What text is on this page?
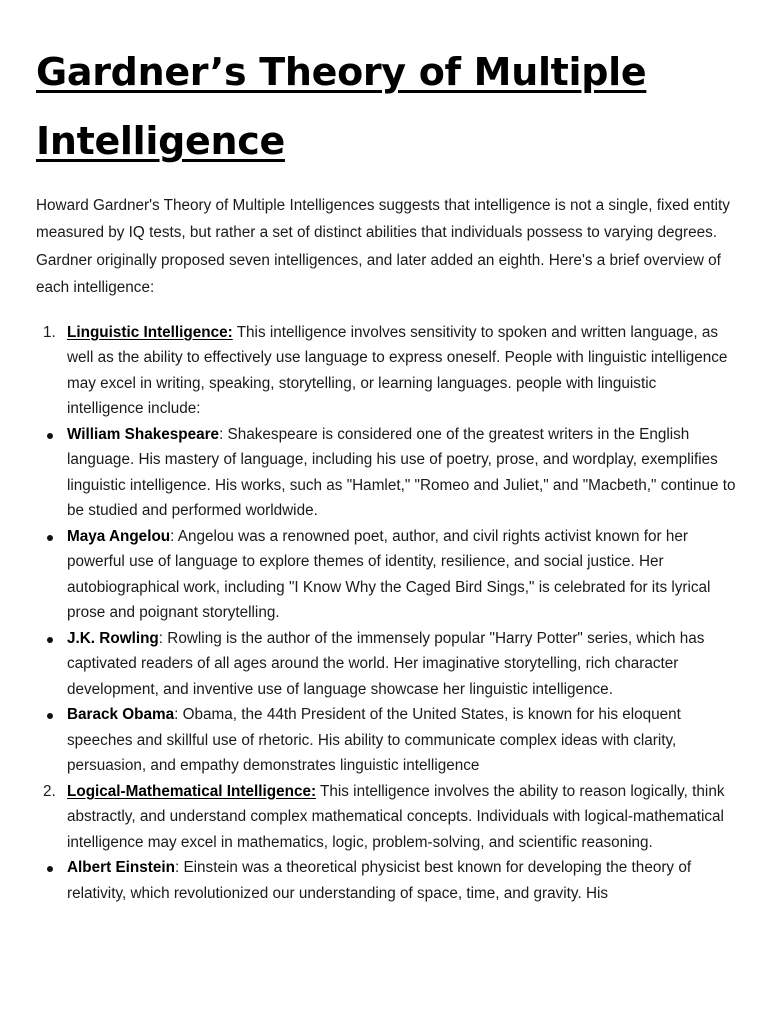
Gardner’s Theory of Multiple Intelligence

Howard Gardner's Theory of Multiple Intelligences suggests that intelligence is not a single, fixed entity measured by IQ tests, but rather a set of distinct abilities that individuals possess to varying degrees. Gardner originally proposed seven intelligences, and later added an eighth. Here's a brief overview of each intelligence:

1. Linguistic Intelligence: This intelligence involves sensitivity to spoken and written language, as well as the ability to effectively use language to express oneself. People with linguistic intelligence may excel in writing, speaking, storytelling, or learning languages. people with linguistic intelligence include:
William Shakespeare: Shakespeare is considered one of the greatest writers in the English language. His mastery of language, including his use of poetry, prose, and wordplay, exemplifies linguistic intelligence. His works, such as "Hamlet," "Romeo and Juliet," and "Macbeth," continue to be studied and performed worldwide.
Maya Angelou: Angelou was a renowned poet, author, and civil rights activist known for her powerful use of language to explore themes of identity, resilience, and social justice. Her autobiographical work, including "I Know Why the Caged Bird Sings," is celebrated for its lyrical prose and poignant storytelling.
J.K. Rowling: Rowling is the author of the immensely popular "Harry Potter" series, which has captivated readers of all ages around the world. Her imaginative storytelling, rich character development, and inventive use of language showcase her linguistic intelligence.
Barack Obama: Obama, the 44th President of the United States, is known for his eloquent speeches and skillful use of rhetoric. His ability to communicate complex ideas with clarity, persuasion, and empathy demonstrates linguistic intelligence
2. Logical-Mathematical Intelligence: This intelligence involves the ability to reason logically, think abstractly, and understand complex mathematical concepts. Individuals with logical-mathematical intelligence may excel in mathematics, logic, problem-solving, and scientific reasoning.
Albert Einstein: Einstein was a theoretical physicist best known for developing the theory of relativity, which revolutionized our understanding of space, time, and gravity. His
